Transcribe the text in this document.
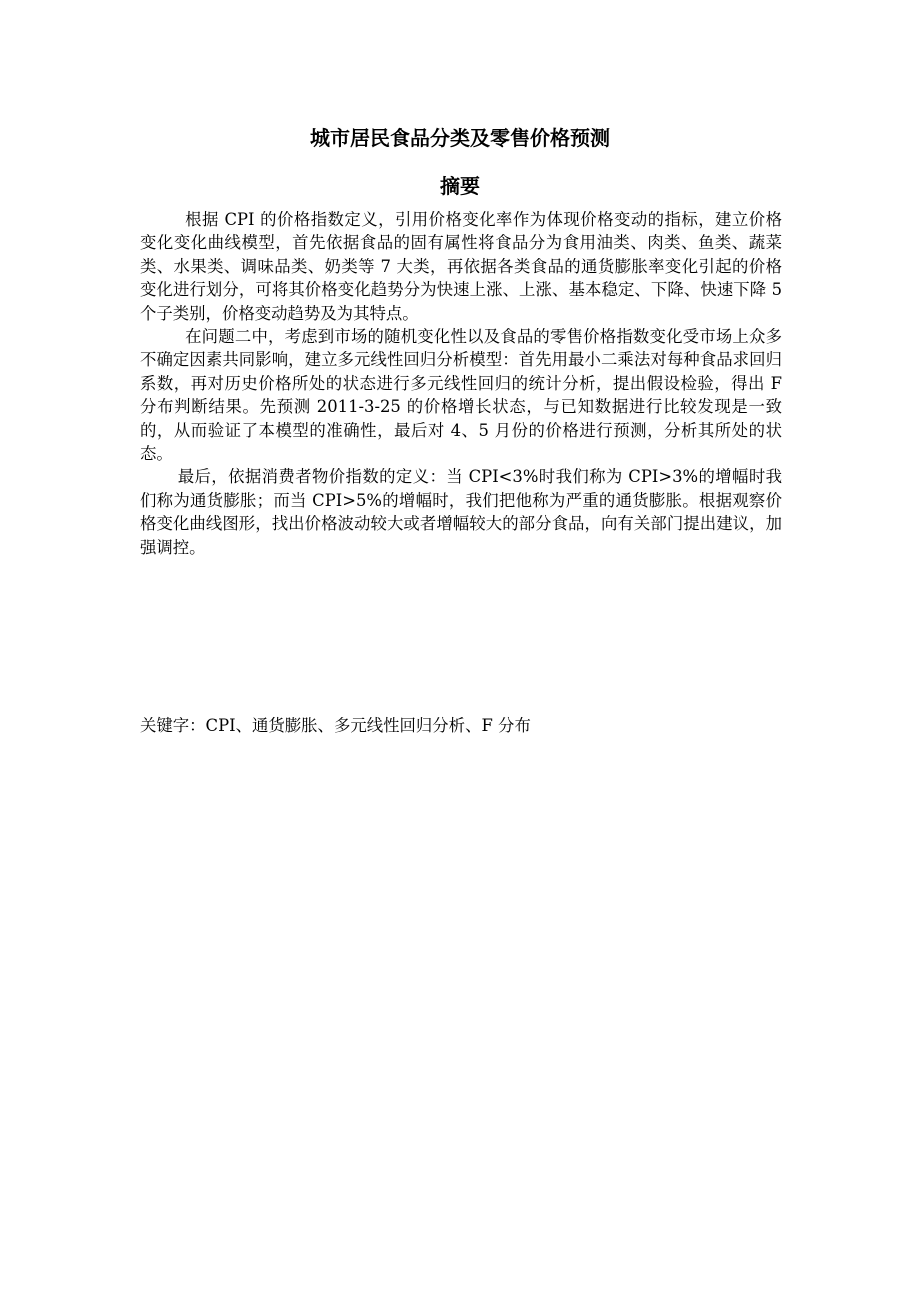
城市居民食品分类及零售价格预测
摘要

根据 CPI 的价格指数定义，引用价格变化率作为体现价格变动的指标，建立价格变化变化曲线模型，首先依据食品的固有属性将食品分为食用油类、肉类、鱼类、蔬菜类、水果类、调味品类、奶类等 7 大类，再依据各类食品的通货膨胀率变化引起的价格变化进行划分，可将其价格变化趋势分为快速上涨、上涨、基本稳定、下降、快速下降 5 个子类别，价格变动趋势及为其特点。

在问题二中，考虑到市场的随机变化性以及食品的零售价格指数变化受市场上众多不确定因素共同影响，建立多元线性回归分析模型：首先用最小二乘法对每种食品求回归系数，再对历史价格所处的状态进行多元线性回归的统计分析，提出假设检验，得出 F 分布判断结果。先预测 2011-3-25 的价格增长状态，与已知数据进行比较发现是一致的，从而验证了本模型的准确性，最后对 4、5 月份的价格进行预测，分析其所处的状态。

最后，依据消费者物价指数的定义：当 CPI<3%时我们称为 CPI>3%的增幅时我们称为通货膨胀；而当 CPI>5%的增幅时，我们把他称为严重的通货膨胀。根据观察价格变化曲线图形，找出价格波动较大或者增幅较大的部分食品，向有关部门提出建议，加强调控。

关键字：CPI、通货膨胀、多元线性回归分析、F 分布
